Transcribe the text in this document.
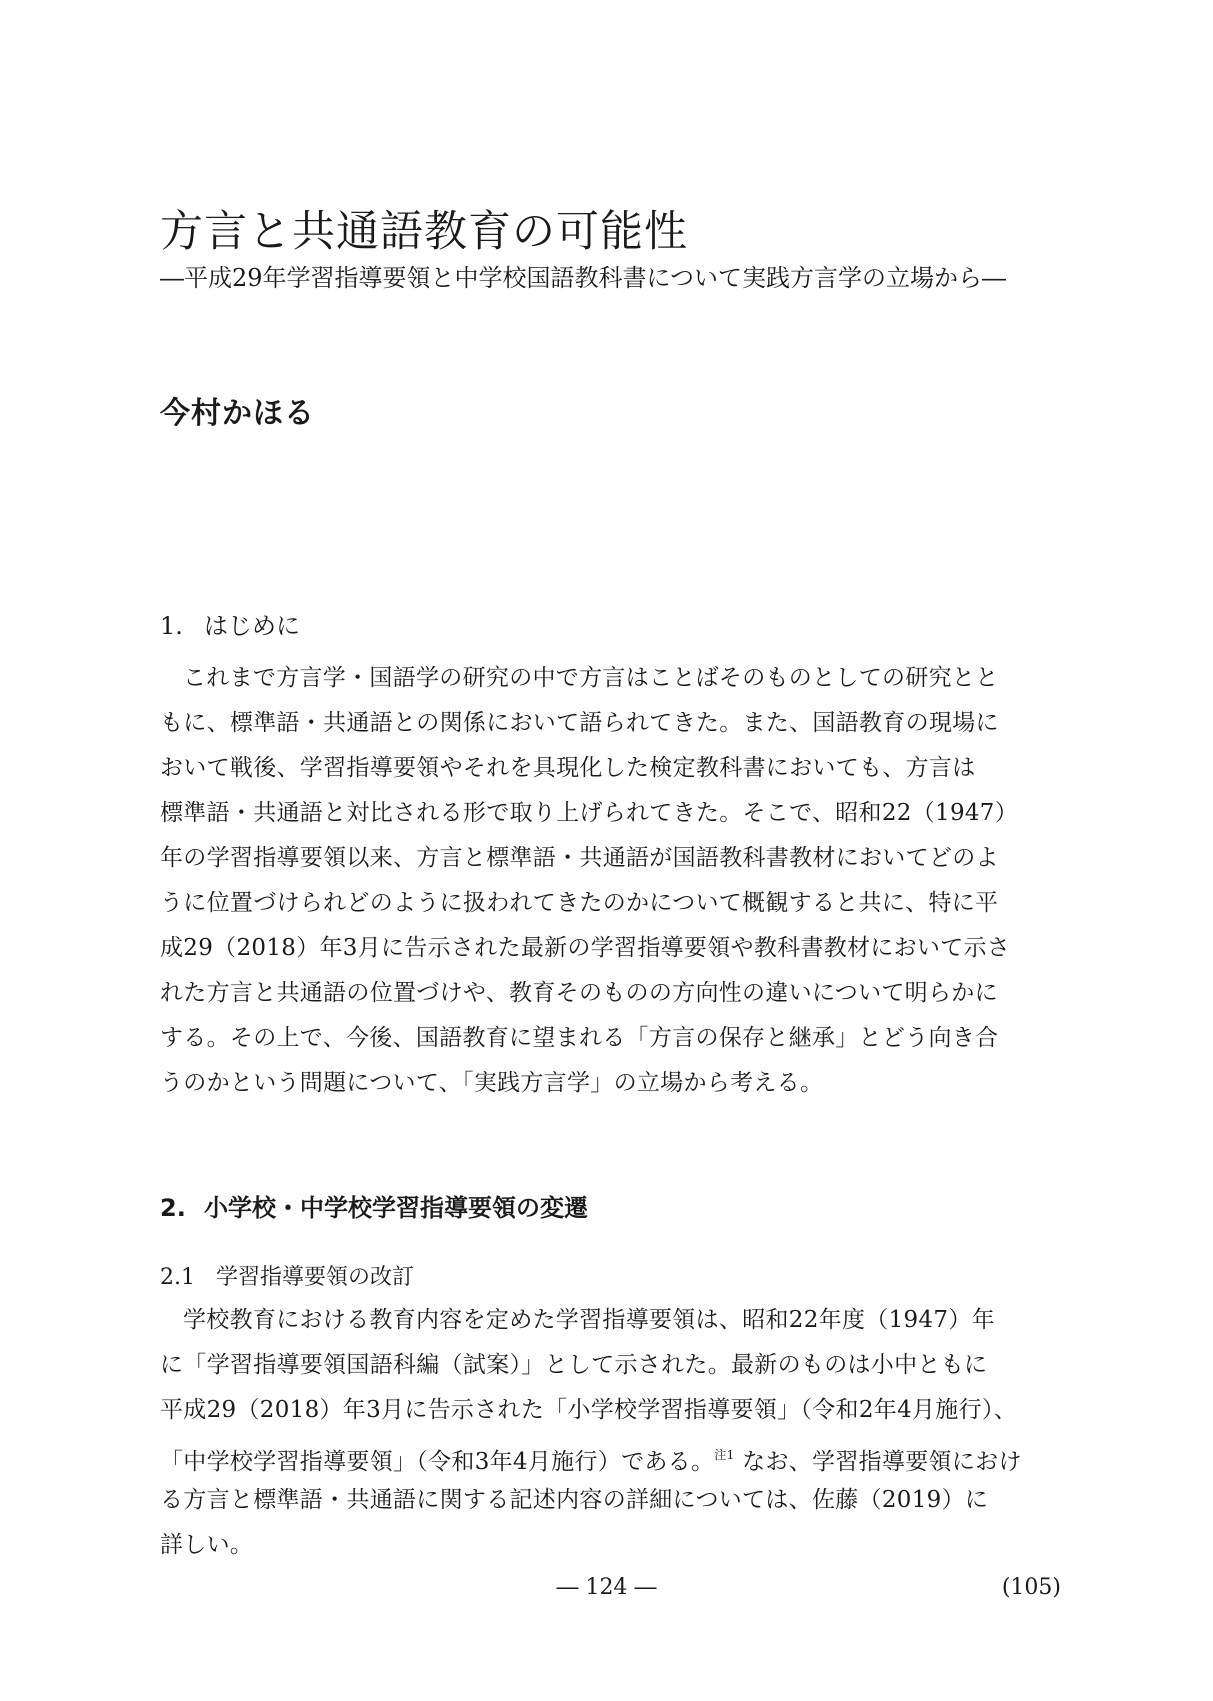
方言と共通語教育の可能性
―平成29年学習指導要領と中学校国語教科書について実践方言学の立場から―
今村かほる
1. はじめに
これまで方言学・国語学の研究の中で方言はことばそのものとしての研究とと
もに、標準語・共通語との関係において語られてきた。また、国語教育の現場に
おいて戦後、学習指導要領やそれを具現化した検定教科書においても、方言は
標準語・共通語と対比される形で取り上げられてきた。そこで、昭和22（1947）
年の学習指導要領以来、方言と標準語・共通語が国語教科書教材においてどのよ
うに位置づけられどのように扱われてきたのかについて概観すると共に、特に平
成29（2018）年3月に告示された最新の学習指導要領や教科書教材において示さ
れた方言と共通語の位置づけや、教育そのものの方向性の違いについて明らかに
する。その上で、今後、国語教育に望まれる「方言の保存と継承」とどう向き合
うのかという問題について、「実践方言学」の立場から考える。
2. 小学校・中学校学習指導要領の変遷
2.1 学習指導要領の改訂
学校教育における教育内容を定めた学習指導要領は、昭和22年度（1947）年
に「学習指導要領国語科編（試案）」として示された。最新のものは小中ともに
平成29（2018）年3月に告示された「小学校学習指導要領」（令和2年4月施行）、
「中学校学習指導要領」（令和3年4月施行）である。$^{注1}$ なお、学習指導要領におけ
る方言と標準語・共通語に関する記述内容の詳細については、佐藤（2019）に
詳しい。
― 124 ―	(105)
